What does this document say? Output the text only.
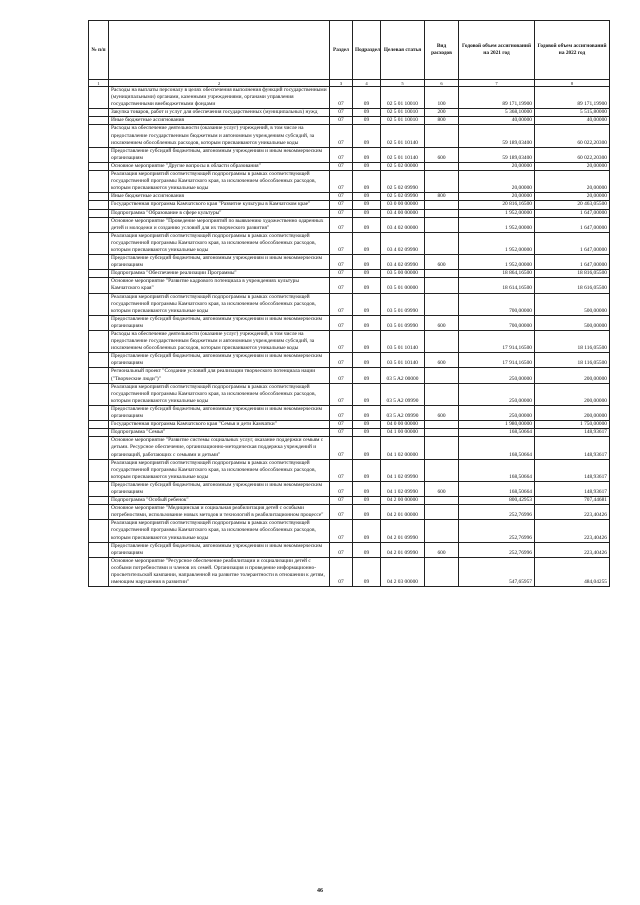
№ п/п		Раздел	Подраздел	Целевая статья	Вид расходов	Годовой объем ассигнований на 2021 год	Годовой объем ассигнований на 2022 год
1	2	3	4	5	6	7	8
	Расходы на выплаты персоналу в целях обеспечения выполнения функций государственными (муниципальными) органами, казенными учреждениями, органами управления государственными внебюджетными фондами	07	09	02 5 01 10010	100	89 171,19900	89 171,19900
	Закупка товаров, работ и услуг для обеспечения государственных (муниципальных) нужд	07	09	02 5 01 10010	200	5 368,10000	5 515,80000
	Иные бюджетные ассигнования	07	09	02 5 01 10010	800	40,00000	40,00000
	Расходы на обеспечение деятельности (оказание услуг) учреждений, в том числе на предоставление государственным бюджетным и автономным учреждениям субсидий, за исключением обособленных расходов, которым присваиваются уникальные коды	07	09	02 5 01 10140		59 189,03400	60 022,20300
	Предоставление субсидий бюджетным, автономным учреждениям и иным некоммерческим организациям	07	09	02 5 01 10140	600	59 189,03400	60 022,20300
	Основное мероприятие "Другие вопросы в области образования"	07	09	02 5 02 00000		20,00000	20,00000
	Реализация мероприятий соответствующей подпрограммы в рамках соответствующей государственной программы Камчатского края, за исключением обособленных расходов, которым присваиваются уникальные коды	07	09	02 5 02 09990		20,00000	20,00000
	Иные бюджетные ассигнования	07	09	02 5 02 09990	800	20,00000	20,00000
	Государственная программа Камчатского края "Развитие культуры в Камчатском крае"	07	09	03 0 00 00000		20 816,16500	20 463,05500
	Подпрограмма "Образование в сфере культуры"	07	09	03 4 00 00000		1 952,00000	1 647,00000
	Основное мероприятие "Проведение мероприятий по выявлению художественно одаренных детей и молодежи и созданию условий для их творческого развития"	07	09	03 4 02 00000		1 952,00000	1 647,00000
	Реализация мероприятий соответствующей подпрограммы в рамках соответствующей государственной программы Камчатского края, за исключением обособленных расходов, которым присваиваются уникальные коды	07	09	03 4 02 09990		1 952,00000	1 647,00000
	Предоставление субсидий бюджетным, автономным учреждениям и иным некоммерческим организациям	07	09	03 4 02 09990	600	1 952,00000	1 647,00000
	Подпрограмма "Обеспечение реализации Программы"	07	09	03 5 00 00000		18 864,16500	18 816,05500
	Основное мероприятие "Развитие кадрового потенциала в учреждениях культуры Камчатского края"	07	09	03 5 01 00000		18 614,16500	18 616,05500
	Реализация мероприятий соответствующей подпрограммы в рамках соответствующей государственной программы Камчатского края, за исключением обособленных расходов, которым присваиваются уникальные коды	07	09	03 5 01 09990		700,00000	500,00000
	Предоставление субсидий бюджетным, автономным учреждениям и иным некоммерческим организациям	07	09	03 5 01 09990	600	700,00000	500,00000
	Расходы на обеспечение деятельности (оказание услуг) учреждений, в том числе на предоставление государственным бюджетным и автономным учреждениям субсидий, за исключением обособленных расходов, которым присваиваются уникальные коды	07	09	03 5 01 10140		17 914,16500	18 116,05500
	Предоставление субсидий бюджетным, автономным учреждениям и иным некоммерческим организациям	07	09	03 5 01 10140	600	17 914,16500	18 116,05500
	Региональный проект "Создание условий для реализации творческого потенциала нации ("Творческие люди")"	07	09	03 5 A2 00000		250,00000	200,00000
	Реализация мероприятий соответствующей подпрограммы в рамках соответствующей государственной программы Камчатского края, за исключением обособленных расходов, которым присваиваются уникальные коды	07	09	03 5 A2 09990		250,00000	200,00000
	Предоставление субсидий бюджетным, автономным учреждениям и иным некоммерческим организациям	07	09	03 5 A2 09990	600	250,00000	200,00000
	Государственная программа Камчатского края "Семья и дети Камчатки"	07	09	04 0 00 00000		1 980,00000	1 750,00000
	Подпрограмма "Семья"	07	09	04 1 00 00000		168,50664	148,93617
	Основное мероприятие "Развитие системы социальных услуг, оказание поддержки семьям с детьми. Ресурсное обеспечение, организационно-методическая поддержка учреждений и организаций, работающих с семьями и детьми"	07	09	04 1 02 00000		168,50664	148,93617
	Реализация мероприятий соответствующей подпрограммы в рамках соответствующей государственной программы Камчатского края, за исключением обособленных расходов, которым присваиваются уникальные коды	07	09	04 1 02 09990		168,50664	148,93617
	Предоставление субсидий бюджетным, автономным учреждениям и иным некоммерческим организациям	07	09	04 1 02 09990	600	168,50664	148,93617
	Подпрограмма "Особый ребенок"	07	09	04 2 00 00000		800,42953	707,44681
	Основное мероприятие "Медицинская и социальная реабилитация детей с особыми потребностями, использование новых методов и технологий в реабилитационном процессе"	07	09	04 2 01 00000		252,76996	223,40426
	Реализация мероприятий соответствующей подпрограммы в рамках соответствующей государственной программы Камчатского края, за исключением обособленных расходов, которым присваиваются уникальные коды	07	09	04 2 01 09990		252,76996	223,40426
	Предоставление субсидий бюджетным, автономным учреждениям и иным некоммерческим организациям	07	09	04 2 01 09990	600	252,76996	223,40426
	Основное мероприятие "Ресурсное обеспечение реабилитации и социализации детей с особыми потребностями и членов их семей. Организация и проведение информационно-просветительской кампании, направленной на развитие толерантности в отношении к детям, имеющим нарушения в развитии"	07	09	04 2 03 00000		547,65957	484,04255
46
